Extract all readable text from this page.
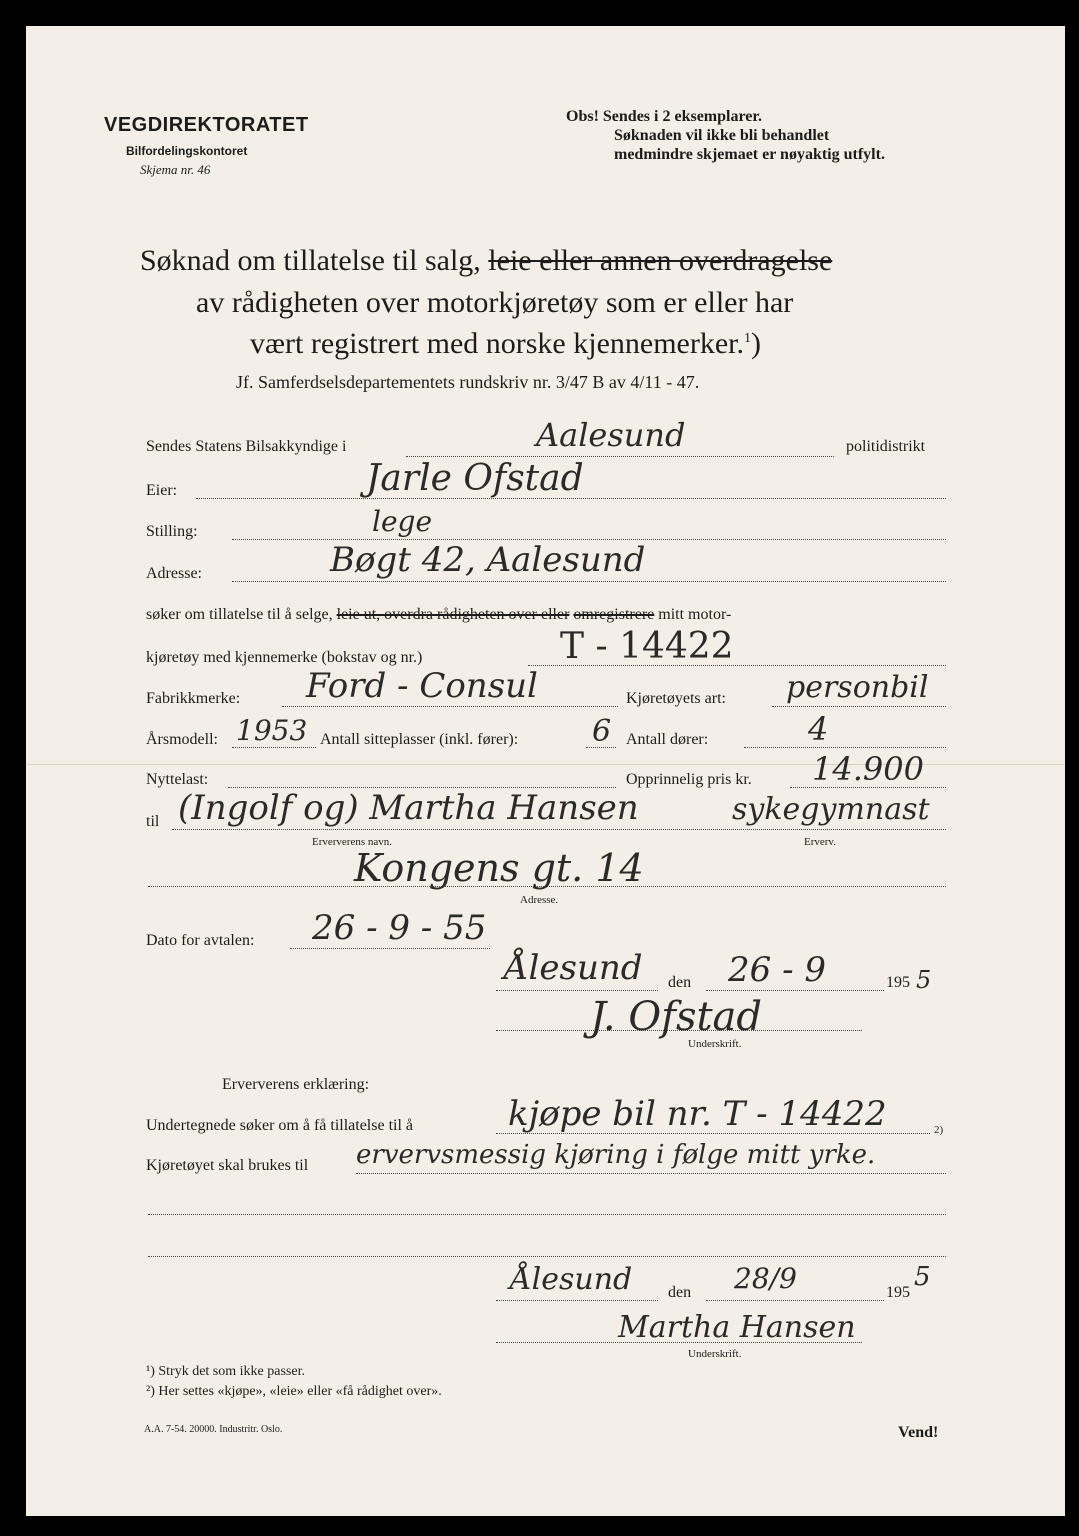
VEGDIREKTORATET
Bilfordelingskontoret
Skjema nr. 46
Obs! Sendes i 2 eksemplarer.
Søknaden vil ikke bli behandlet
medmindre skjemaet er nøyaktig utfylt.
Søknad om tillatelse til salg, leie eller annen overdragelse
av rådigheten over motorkjøretøy som er eller har
vært registrert med norske kjennemerker.$^1$)
Jf. Samferdselsdepartementets rundskriv nr. 3/47 B av 4/11 - 47.
Sendes Statens Bilsakkyndige i	Aalesund	politidistrikt
Eier:	Jarle Ofstad
Stilling:	lege
Adresse:	Bøgt 42, Aalesund
søker om tillatelse til å selge, leie ut, overdra rådigheten over eller omregistrere mitt motor-
kjøretøy med kjennemerke (bokstav og nr.)	T - 14422
Fabrikkmerke: Ford - Consul	Kjøretøyets art: personbil
Årsmodell: 1953 Antall sitteplasser (inkl. fører): 6 Antall dører:	4
Nyttelast:	Opprinnelig pris kr. 14.900
til (Ingolf og) Martha Hansen	sykegymnast
Erververens navn.	Erverv.
Kongens gt. 14
Adresse.
Dato for avtalen: 26 - 9 - 55
Ålesund den 26 - 9	195 5
J. Ofstad
Underskrift.
Erververens erklæring:
Undertegnede søker om å få tillatelse til å	kjøpe bil nr. T - 14422	2)
Kjøretøyet skal brukes til ervervsmessig kjøring i følge mitt yrke.
Ålesund den 28/9	195
5
Martha Hansen
Underskrift.
¹) Stryk det som ikke passer.
²) Her settes «kjøpe», «leie» eller «få rådighet over».
A.A. 7-54. 20000. Industritr. Oslo.	Vend!
